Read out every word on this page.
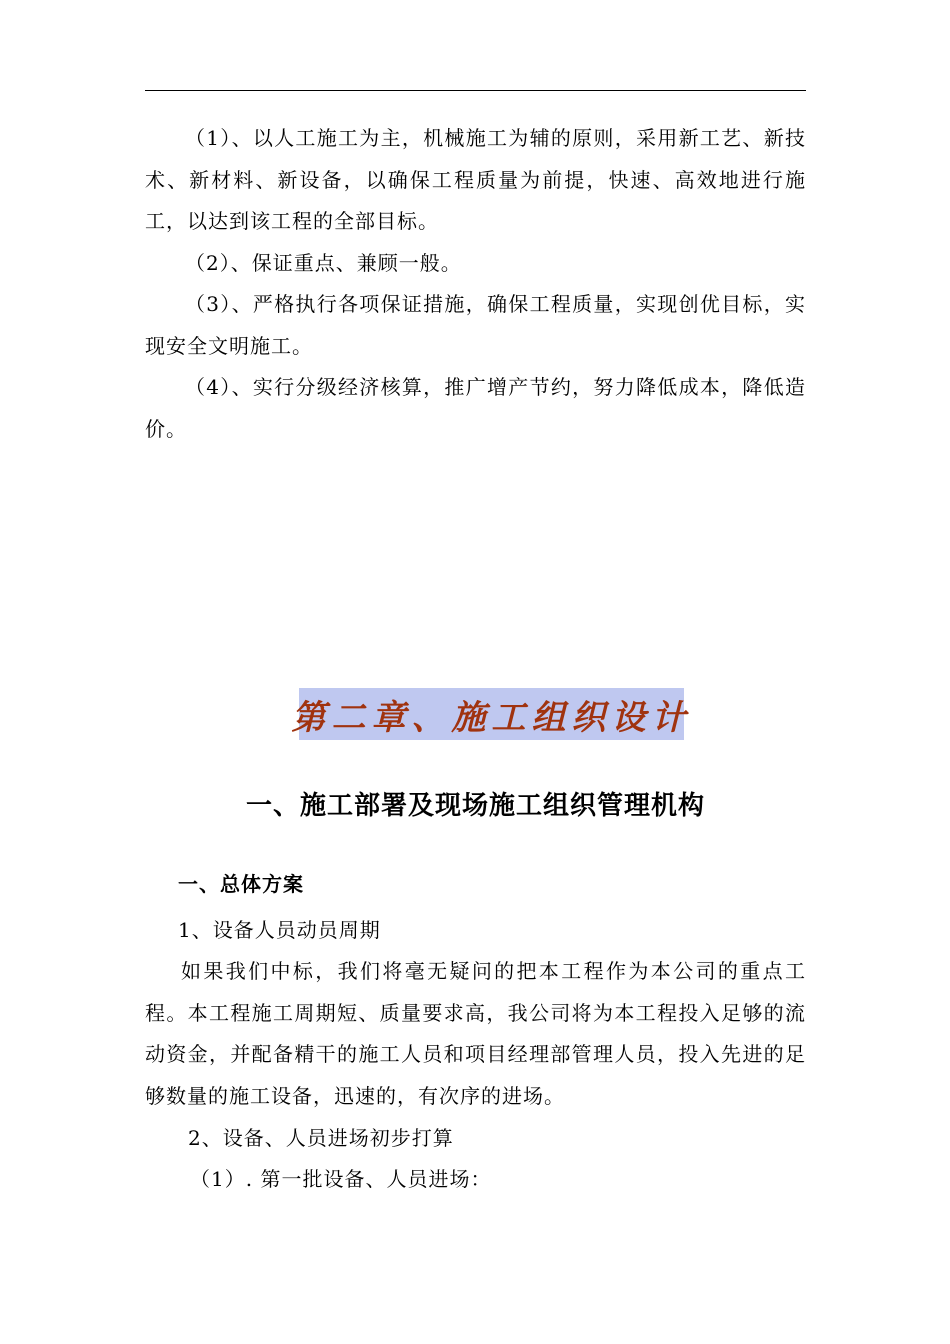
（1）、以人工施工为主，机械施工为辅的原则，采用新工艺、新技术、新材料、新设备，以确保工程质量为前提，快速、高效地进行施工，以达到该工程的全部目标。

（2）、保证重点、兼顾一般。

（3）、严格执行各项保证措施，确保工程质量，实现创优目标，实现安全文明施工。

（4）、实行分级经济核算，推广增产节约，努力降低成本，降低造价。

第二章、施工组织设计
一、施工部署及现场施工组织管理机构
一、总体方案
1、设备人员动员周期

如果我们中标，我们将毫无疑问的把本工程作为本公司的重点工程。本工程施工周期短、质量要求高，我公司将为本工程投入足够的流动资金，并配备精干的施工人员和项目经理部管理人员，投入先进的足够数量的施工设备，迅速的，有次序的进场。

2、设备、人员进场初步打算
（1）. 第一批设备、人员进场：
